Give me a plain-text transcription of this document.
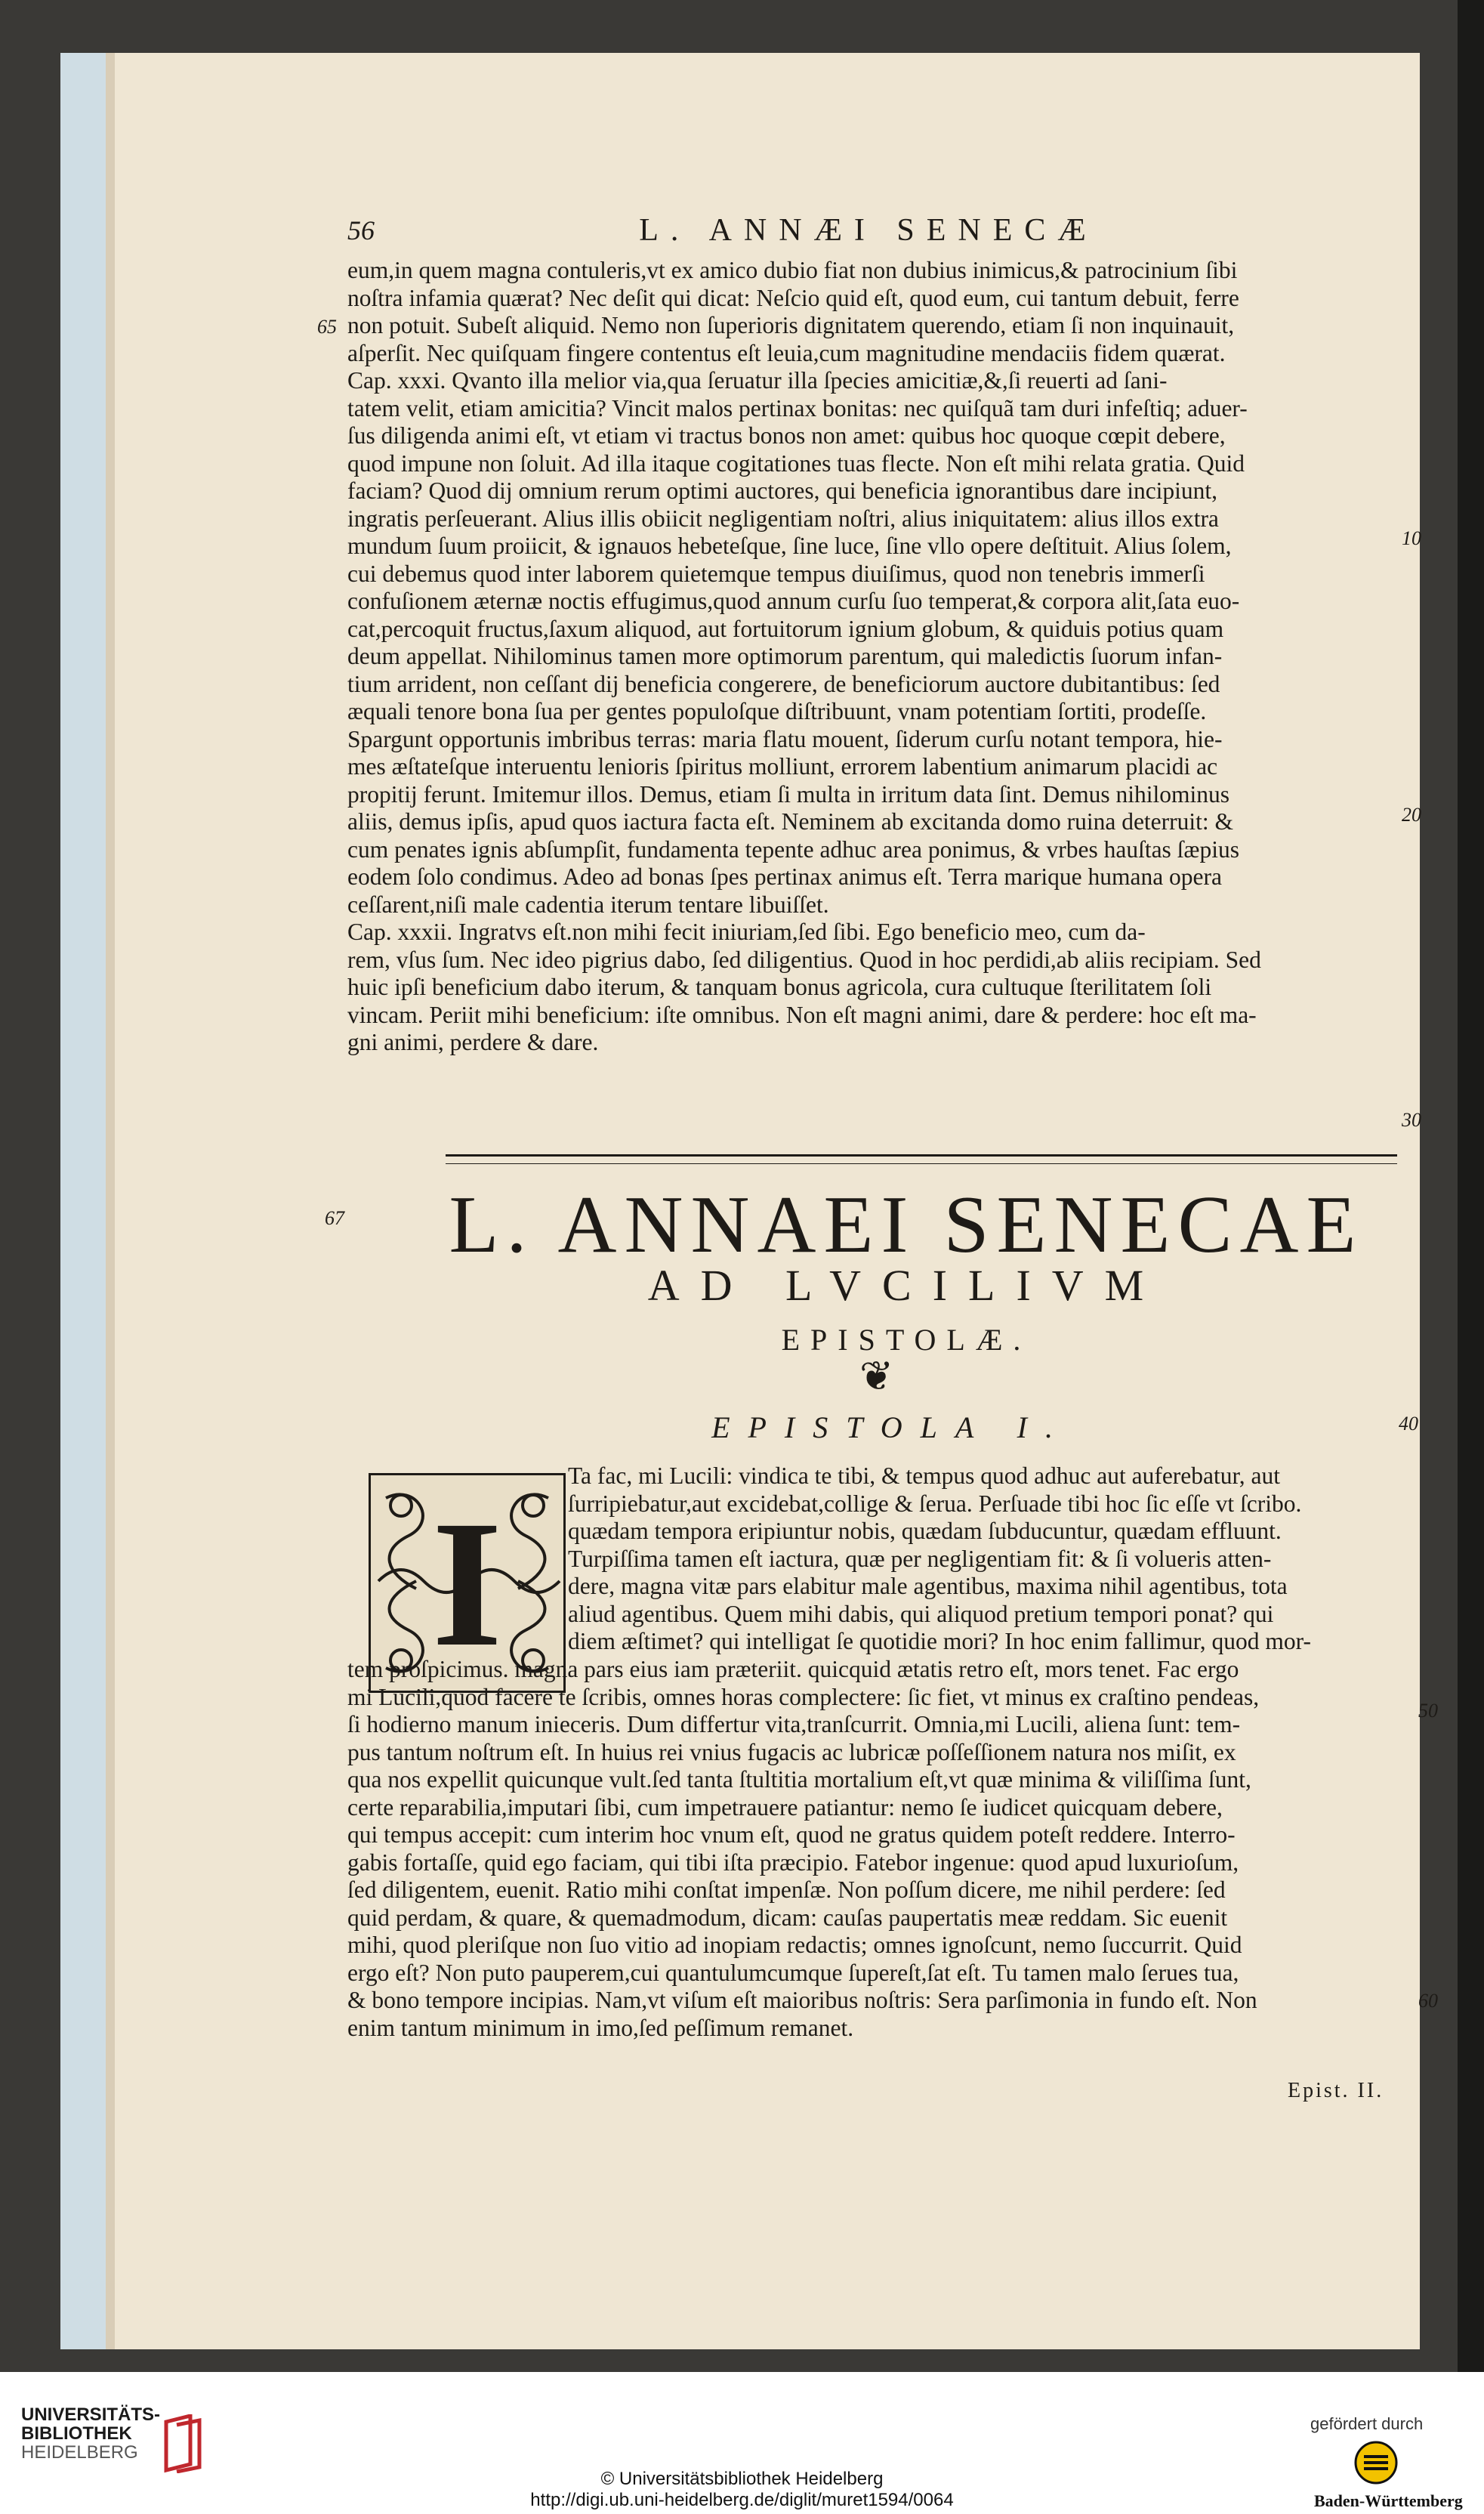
56	L. ANNÆI SENECÆ

eum,in quem magna contuleris,vt ex amico dubio fiat non dubius inimicus,& patrocinium ſibi

noſtra infamia quærat? Nec deſit qui dicat: Neſcio quid eſt, quod eum, cui tantum debuit, ferre

non potuit. Subeſt aliquid. Nemo non ſuperioris dignitatem querendo, etiam ſi non inquinauit,

aſperſit. Nec quiſquam fingere contentus eſt leuia,cum magnitudine mendaciis fidem quærat.

Cap. xxxi. Qvanto illa melior via,qua ſeruatur illa ſpecies amicitiæ,&,ſi reuerti ad ſani-

tatem velit, etiam amicitia? Vincit malos pertinax bonitas: nec quiſquã tam duri infeſtiq; aduer-

ſus diligenda animi eſt, vt etiam vi tractus bonos non amet: quibus hoc quoque cœpit debere,

quod impune non ſoluit. Ad illa itaque cogitationes tuas flecte. Non eſt mihi relata gratia. Quid

faciam? Quod dij omnium rerum optimi auctores, qui beneficia ignorantibus dare incipiunt,

ingratis perſeuerant. Alius illis obiicit negligentiam noſtri, alius iniquitatem: alius illos extra

mundum ſuum proiicit, & ignauos hebeteſque, ſine luce, ſine vllo opere deſtituit. Alius ſolem,

cui debemus quod inter laborem quietemque tempus diuiſimus, quod non tenebris immerſi

confuſionem æternæ noctis effugimus,quod annum curſu ſuo temperat,& corpora alit,ſata euo-

cat,percoquit fructus,ſaxum aliquod, aut fortuitorum ignium globum, & quiduis potius quam

deum appellat. Nihilominus tamen more optimorum parentum, qui maledictis ſuorum infan-

tium arrident, non ceſſant dij beneficia congerere, de beneficiorum auctore dubitantibus: ſed

æquali tenore bona ſua per gentes populoſque diſtribuunt, vnam potentiam ſortiti, prodeſſe.

Spargunt opportunis imbribus terras: maria flatu mouent, ſiderum curſu notant tempora, hie-

mes æſtateſque interuentu lenioris ſpiritus molliunt, errorem labentium animarum placidi ac

propitij ferunt. Imitemur illos. Demus, etiam ſi multa in irritum data ſint. Demus nihilominus

aliis, demus ipſis, apud quos iactura facta eſt. Neminem ab excitanda domo ruina deterruit: &

cum penates ignis abſumpſit, fundamenta tepente adhuc area ponimus, & vrbes hauſtas ſæpius

eodem ſolo condimus. Adeo ad bonas ſpes pertinax animus eſt. Terra marique humana opera

ceſſarent,niſi male cadentia iterum tentare libuiſſet.

Cap. xxxii. Ingratvs eſt.non mihi fecit iniuriam,ſed ſibi. Ego beneficio meo, cum da-

rem, vſus ſum. Nec ideo pigrius dabo, ſed diligentius. Quod in hoc perdidi,ab aliis recipiam. Sed

huic ipſi beneficium dabo iterum, & tanquam bonus agricola, cura cultuque ſterilitatem ſoli

vincam. Periit mihi beneficium: iſte omnibus. Non eſt magni animi, dare & perdere: hoc eſt ma-

gni animi, perdere & dare.

65
10
20
30
67
40
50
60
L. ANNAEI SENECAE
AD LVCILIVM
EPISTOLÆ.
❦
EPISTOLA I.
I

Ta fac, mi Lucili: vindica te tibi, & tempus quod adhuc aut auferebatur, aut

ſurripiebatur,aut excidebat,collige & ſerua. Perſuade tibi hoc ſic eſſe vt ſcribo.

quædam tempora eripiuntur nobis, quædam ſubducuntur, quædam effluunt.

Turpiſſima tamen eſt iactura, quæ per negligentiam fit: & ſi volueris atten-

dere, magna vitæ pars elabitur male agentibus, maxima nihil agentibus, tota

aliud agentibus. Quem mihi dabis, qui aliquod pretium tempori ponat? qui

diem æſtimet? qui intelligat ſe quotidie mori? In hoc enim fallimur, quod mor-

tem proſpicimus. magna pars eius iam præteriit. quicquid ætatis retro eſt, mors tenet. Fac ergo

mi Lucili,quod facere te ſcribis, omnes horas complectere: ſic fiet, vt minus ex craſtino pendeas,

ſi hodierno manum inieceris. Dum differtur vita,tranſcurrit. Omnia,mi Lucili, aliena ſunt: tem-

pus tantum noſtrum eſt. In huius rei vnius fugacis ac lubricæ poſſeſſionem natura nos miſit, ex

qua nos expellit quicunque vult.ſed tanta ſtultitia mortalium eſt,vt quæ minima & viliſſima ſunt,

certe reparabilia,imputari ſibi, cum impetrauere patiantur: nemo ſe iudicet quicquam debere,

qui tempus accepit: cum interim hoc vnum eſt, quod ne gratus quidem poteſt reddere. Interro-

gabis fortaſſe, quid ego faciam, qui tibi iſta præcipio. Fatebor ingenue: quod apud luxurioſum,

ſed diligentem, euenit. Ratio mihi conſtat impenſæ. Non poſſum dicere, me nihil perdere: ſed

quid perdam, & quare, & quemadmodum, dicam: cauſas paupertatis meæ reddam. Sic euenit

mihi, quod pleriſque non ſuo vitio ad inopiam redactis; omnes ignoſcunt, nemo ſuccurrit. Quid

ergo eſt? Non puto pauperem,cui quantulumcumque ſupereſt,ſat eſt. Tu tamen malo ſerues tua,

& bono tempore incipias. Nam,vt viſum eſt maioribus noſtris: Sera parſimonia in fundo eſt. Non

enim tantum minimum in imo,ſed peſſimum remanet.

Epist. II.
UNIVERSITÄTS-
BIBLIOTHEK
HEIDELBERG
© Universitätsbibliothek Heidelberg
http://digi.ub.uni-heidelberg.de/diglit/muret1594/0064
gefördert durch
Baden-Württemberg
